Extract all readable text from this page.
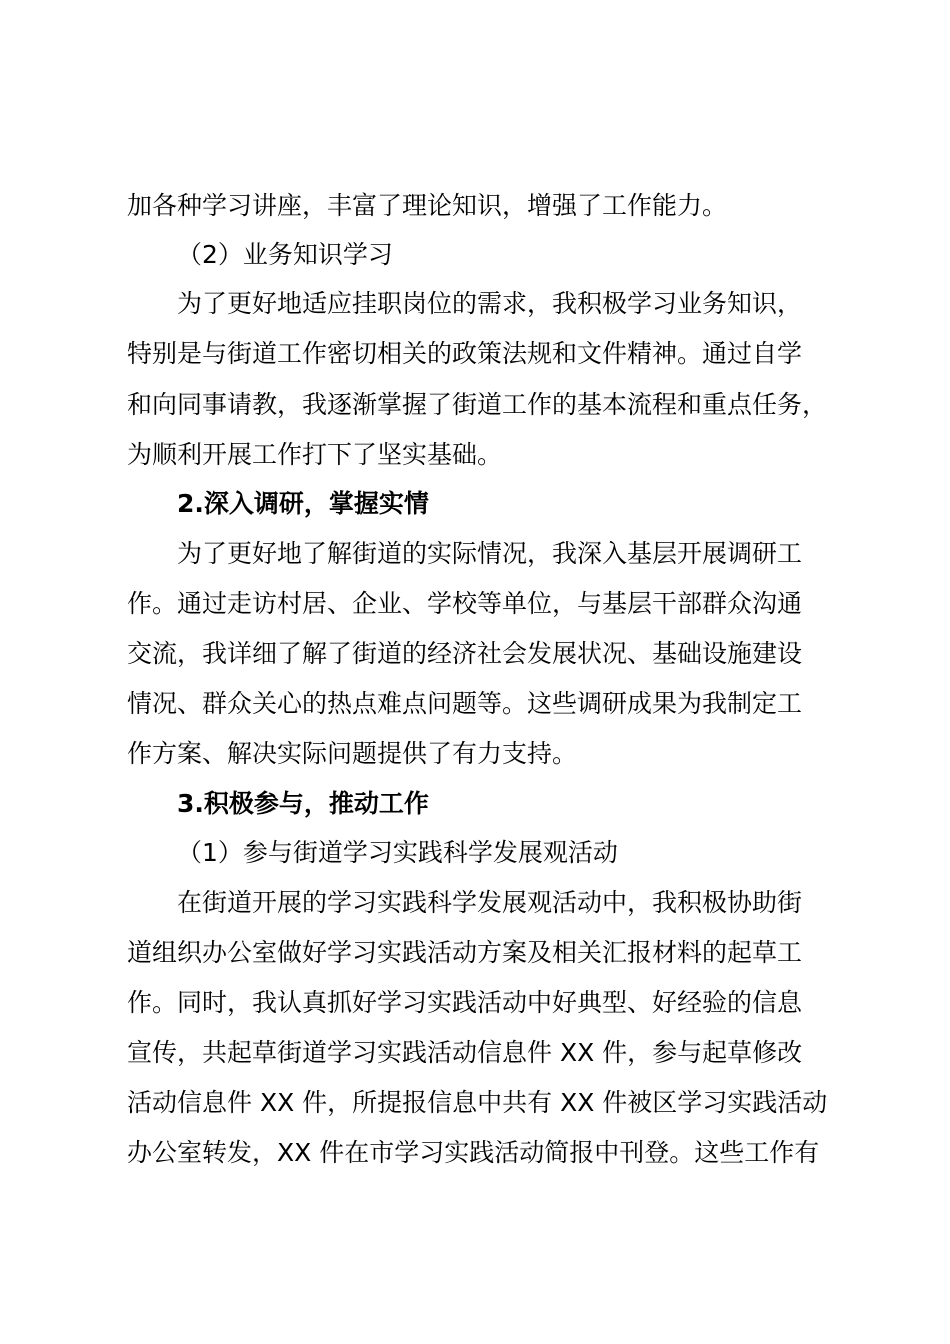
加各种学习讲座，丰富了理论知识，增强了工作能力。
（2）业务知识学习
为了更好地适应挂职岗位的需求，我积极学习业务知识，
特别是与街道工作密切相关的政策法规和文件精神。通过自学
和向同事请教，我逐渐掌握了街道工作的基本流程和重点任务，
为顺利开展工作打下了坚实基础。
2.深入调研，掌握实情
为了更好地了解街道的实际情况，我深入基层开展调研工
作。通过走访村居、企业、学校等单位，与基层干部群众沟通
交流，我详细了解了街道的经济社会发展状况、基础设施建设
情况、群众关心的热点难点问题等。这些调研成果为我制定工
作方案、解决实际问题提供了有力支持。
3.积极参与，推动工作
（1）参与街道学习实践科学发展观活动
在街道开展的学习实践科学发展观活动中，我积极协助街
道组织办公室做好学习实践活动方案及相关汇报材料的起草工
作。同时，我认真抓好学习实践活动中好典型、好经验的信息
宣传，共起草街道学习实践活动信息件 XX 件，参与起草修改
活动信息件 XX 件，所提报信息中共有 XX 件被区学习实践活动
办公室转发，XX 件在市学习实践活动简报中刊登。这些工作有
